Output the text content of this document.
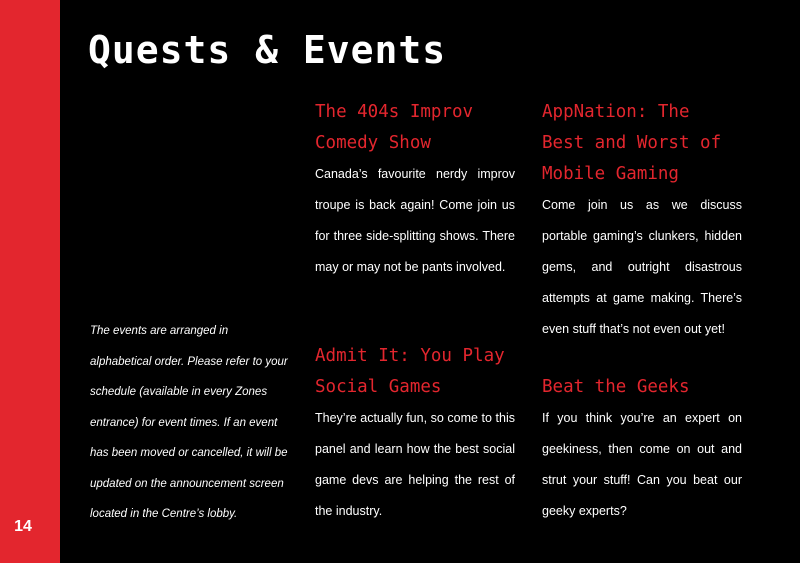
14
Quests & Events
The events are arranged in alphabetical order. Please refer to your schedule (available in every Zones entrance) for event times. If an event has been moved or cancelled, it will be updated on the announcement screen located in the Centre’s lobby.
The 404s Improv Comedy Show

Canada’s favourite nerdy improv troupe is back again! Come join us for three side-splitting shows. There may or may not be pants involved.

Admit It: You Play Social Games

They’re actually fun, so come to this panel and learn how the best social game devs are helping the rest of the industry.

AppNation: The Best and Worst of Mobile Gaming

Come join us as we discuss portable gaming’s clunkers, hidden gems, and outright disastrous attempts at game making. There’s even stuff that’s not even out yet!

Beat the Geeks

If you think you’re an expert on geekiness, then come on out and strut your stuff! Can you beat our geeky experts?
